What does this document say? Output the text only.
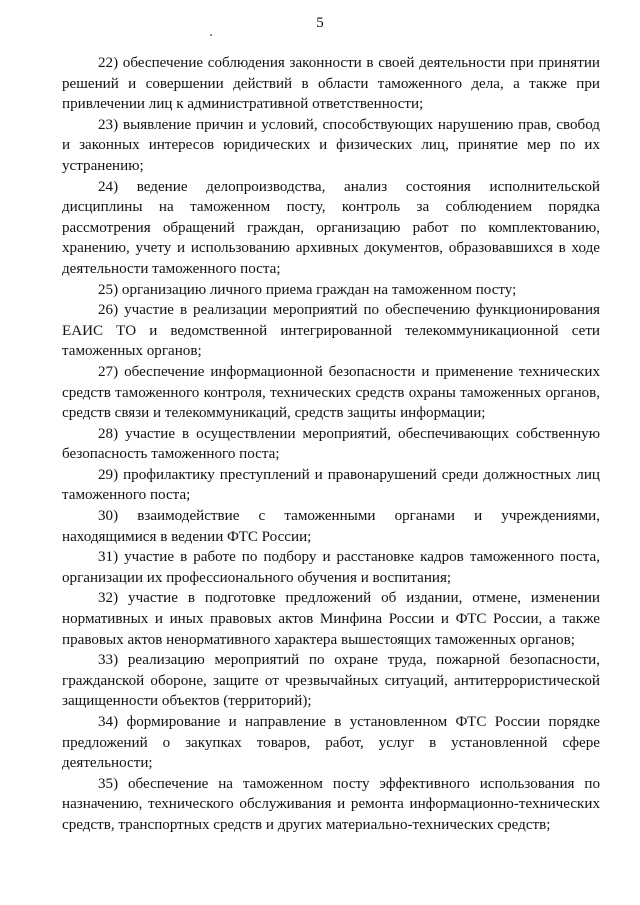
5

22) обеспечение соблюдения законности в своей деятельности при принятии решений и совершении действий в области таможенного дела, а также при привлечении лиц к административной ответственности;

23) выявление причин и условий, способствующих нарушению прав, свобод и законных интересов юридических и физических лиц, принятие мер по их устранению;

24) ведение делопроизводства, анализ состояния исполнительской дисциплины на таможенном посту, контроль за соблюдением порядка рассмотрения обращений граждан, организацию работ по комплектованию, хранению, учету и использованию архивных документов, образовавшихся в ходе деятельности таможенного поста;

25) организацию личного приема граждан на таможенном посту;

26) участие в реализации мероприятий по обеспечению функционирования ЕАИС ТО и ведомственной интегрированной телекоммуникационной сети таможенных органов;

27) обеспечение информационной безопасности и применение технических средств таможенного контроля, технических средств охраны таможенных органов, средств связи и телекоммуникаций, средств защиты информации;

28) участие в осуществлении мероприятий, обеспечивающих собственную безопасность таможенного поста;

29) профилактику преступлений и правонарушений среди должностных лиц таможенного поста;

30) взаимодействие с таможенными органами и учреждениями, находящимися в ведении ФТС России;

31) участие в работе по подбору и расстановке кадров таможенного поста, организации их профессионального обучения и воспитания;

32) участие в подготовке предложений об издании, отмене, изменении нормативных и иных правовых актов Минфина России и ФТС России, а также правовых актов ненормативного характера вышестоящих таможенных органов;

33) реализацию мероприятий по охране труда, пожарной безопасности, гражданской обороне, защите от чрезвычайных ситуаций, антитеррористической защищенности объектов (территорий);

34) формирование и направление в установленном ФТС России порядке предложений о закупках товаров, работ, услуг в установленной сфере деятельности;

35) обеспечение на таможенном посту эффективного использования по назначению, технического обслуживания и ремонта информационно-технических средств, транспортных средств и других материально-технических средств;
